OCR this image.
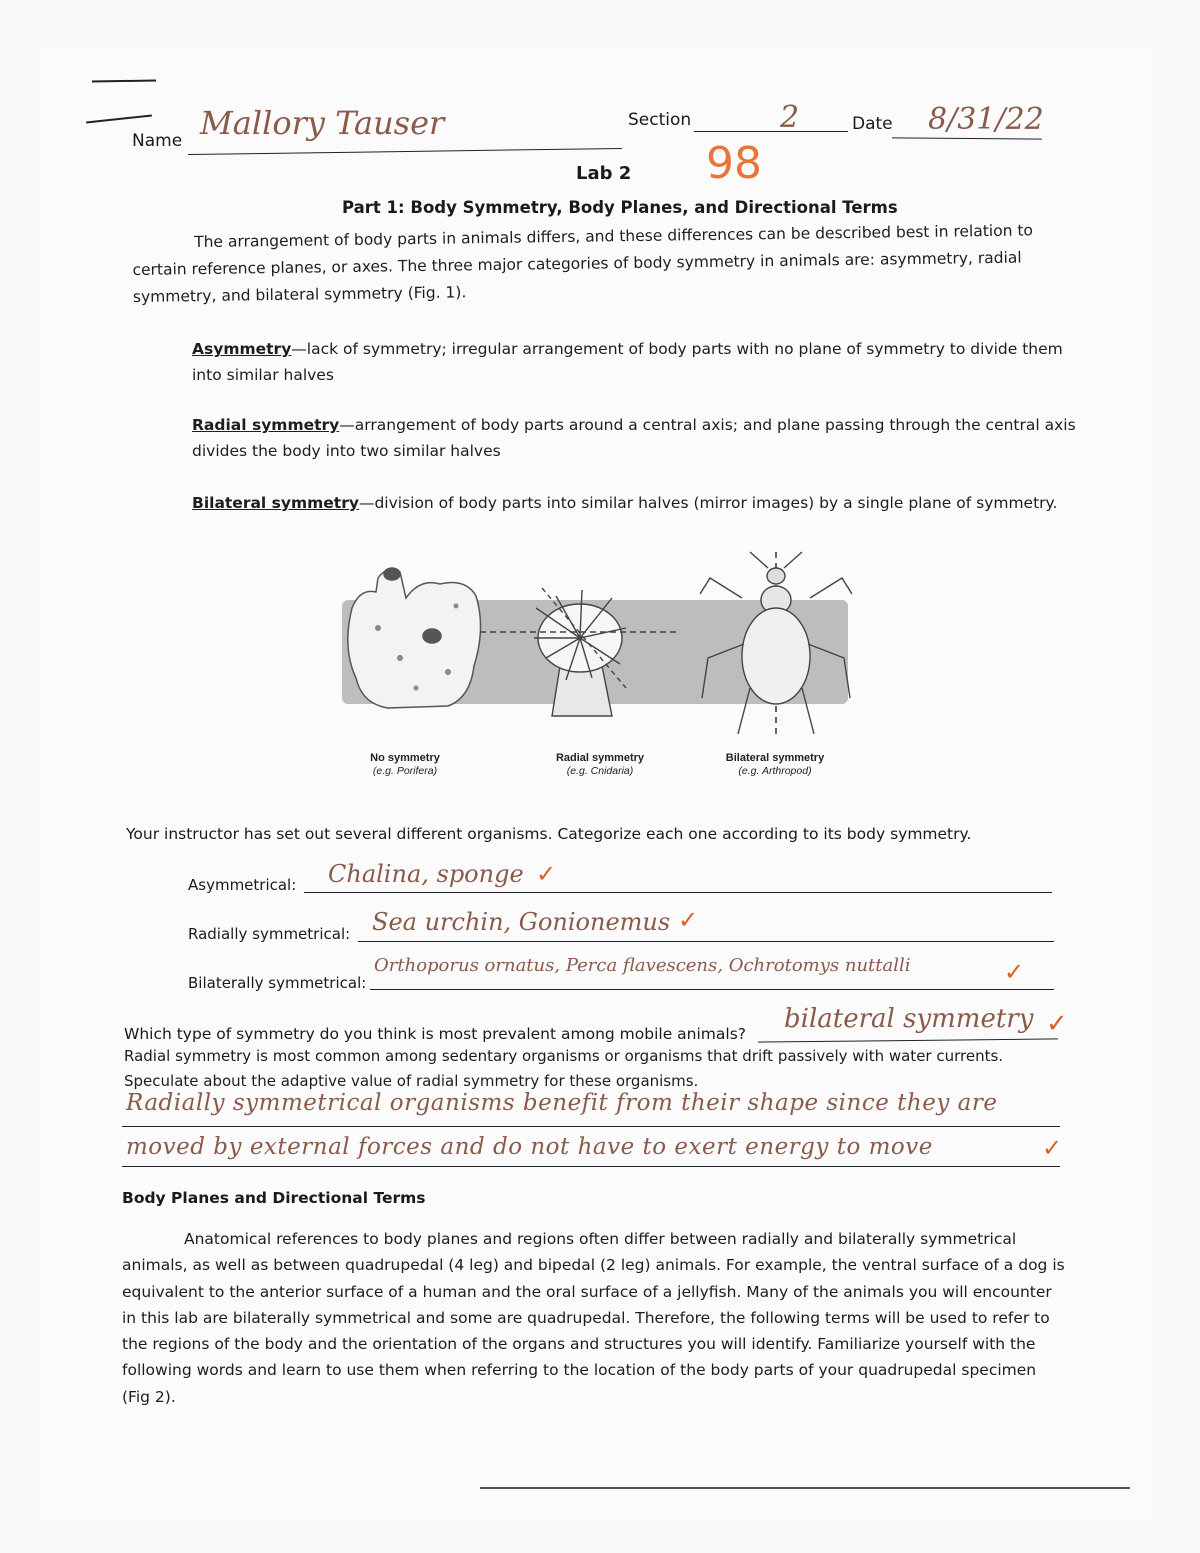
Name Mallory Tauser	Section	2	Date 8/31/22
98
Lab 2
Part 1: Body Symmetry, Body Planes, and Directional Terms
The arrangement of body parts in animals differs, and these differences can be described best in relation to
certain reference planes, or axes. The three major categories of body symmetry in animals are: asymmetry, radial
symmetry, and bilateral symmetry (Fig. 1).
Asymmetry—lack of symmetry; irregular arrangement of body parts with no plane of symmetry to divide them
into similar halves
Radial symmetry—arrangement of body parts around a central axis; and plane passing through the central axis
divides the body into two similar halves
Bilateral symmetry—division of body parts into similar halves (mirror images) by a single plane of symmetry.
No symmetry
(e.g. Porifera)
Radial symmetry
(e.g. Cnidaria)
Bilateral symmetry
(e.g. Arthropod)
Your instructor has set out several different organisms. Categorize each one according to its body symmetry.
Asymmetrical: Chalina, sponge ✓
Radially symmetrical: Sea urchin, Gonionemus ✓
Bilaterally symmetrical:
Orthoporus ornatus, Perca flavescens, Ochrotomys nuttalli	✓
Which type of symmetry do you think is most prevalent among mobile animals? bilateral symmetry ✓
Radial symmetry is most common among sedentary organisms or organisms that drift passively with water currents.
Speculate about the adaptive value of radial symmetry for these organisms.
Radially symmetrical organisms benefit from their shape since they are
moved by external forces and do not have to exert energy to move	✓
Body Planes and Directional Terms
Anatomical references to body planes and regions often differ between radially and bilaterally symmetrical
animals, as well as between quadrupedal (4 leg) and bipedal (2 leg) animals. For example, the ventral surface of a dog is
equivalent to the anterior surface of a human and the oral surface of a jellyfish. Many of the animals you will encounter
in this lab are bilaterally symmetrical and some are quadrupedal. Therefore, the following terms will be used to refer to
the regions of the body and the orientation of the organs and structures you will identify. Familiarize yourself with the
following words and learn to use them when referring to the location of the body parts of your quadrupedal specimen
(Fig 2).
